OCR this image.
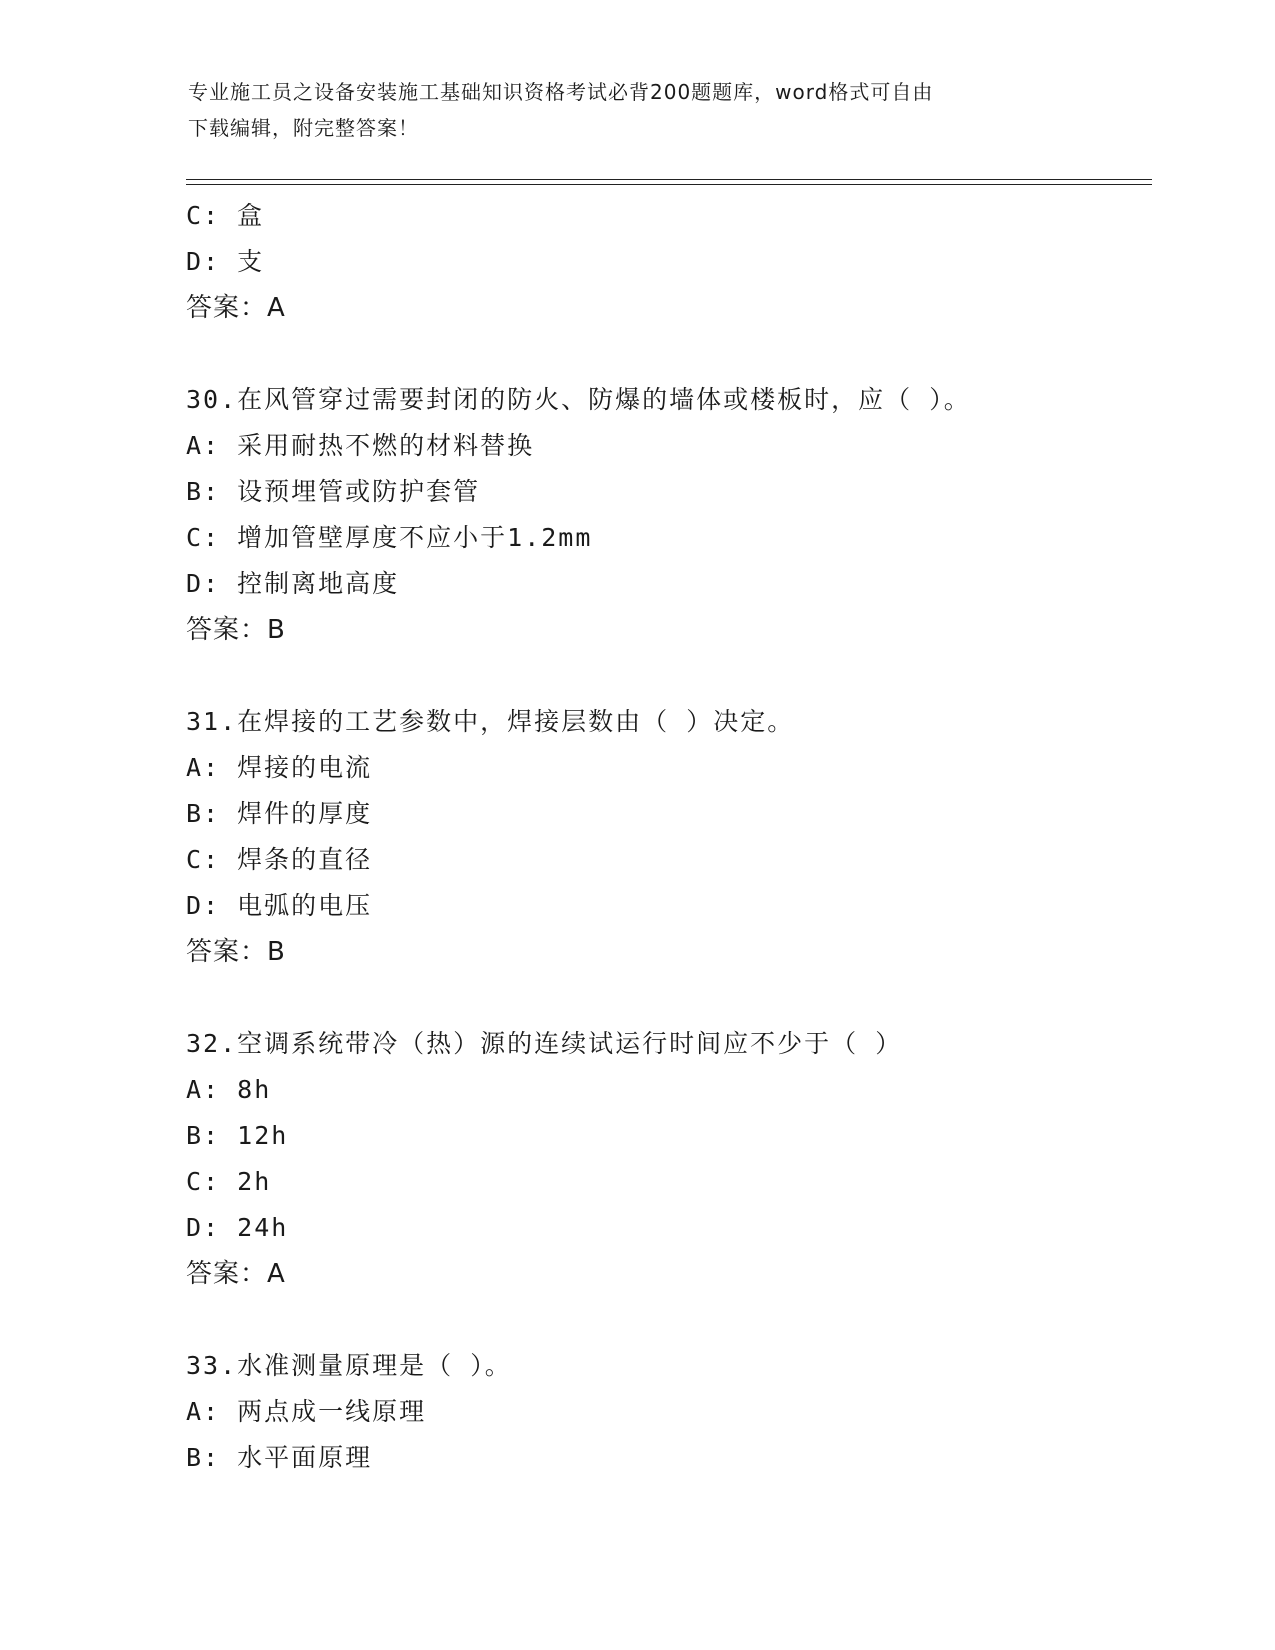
专业施工员之设备安装施工基础知识资格考试必背200题题库，word格式可自由
下载编辑，附完整答案！
C: 盒
D: 支
答案：A
30.在风管穿过需要封闭的防火、防爆的墙体或楼板时，应（ ）。
A: 采用耐热不燃的材料替换
B: 设预埋管或防护套管
C: 增加管壁厚度不应小于1.2mm
D: 控制离地高度
答案：B
31.在焊接的工艺参数中，焊接层数由（ ）决定。
A: 焊接的电流
B: 焊件的厚度
C: 焊条的直径
D: 电弧的电压
答案：B
32.空调系统带冷（热）源的连续试运行时间应不少于（ ）
A: 8h
B: 12h
C: 2h
D: 24h
答案：A
33.水准测量原理是（ ）。
A: 两点成一线原理
B: 水平面原理
